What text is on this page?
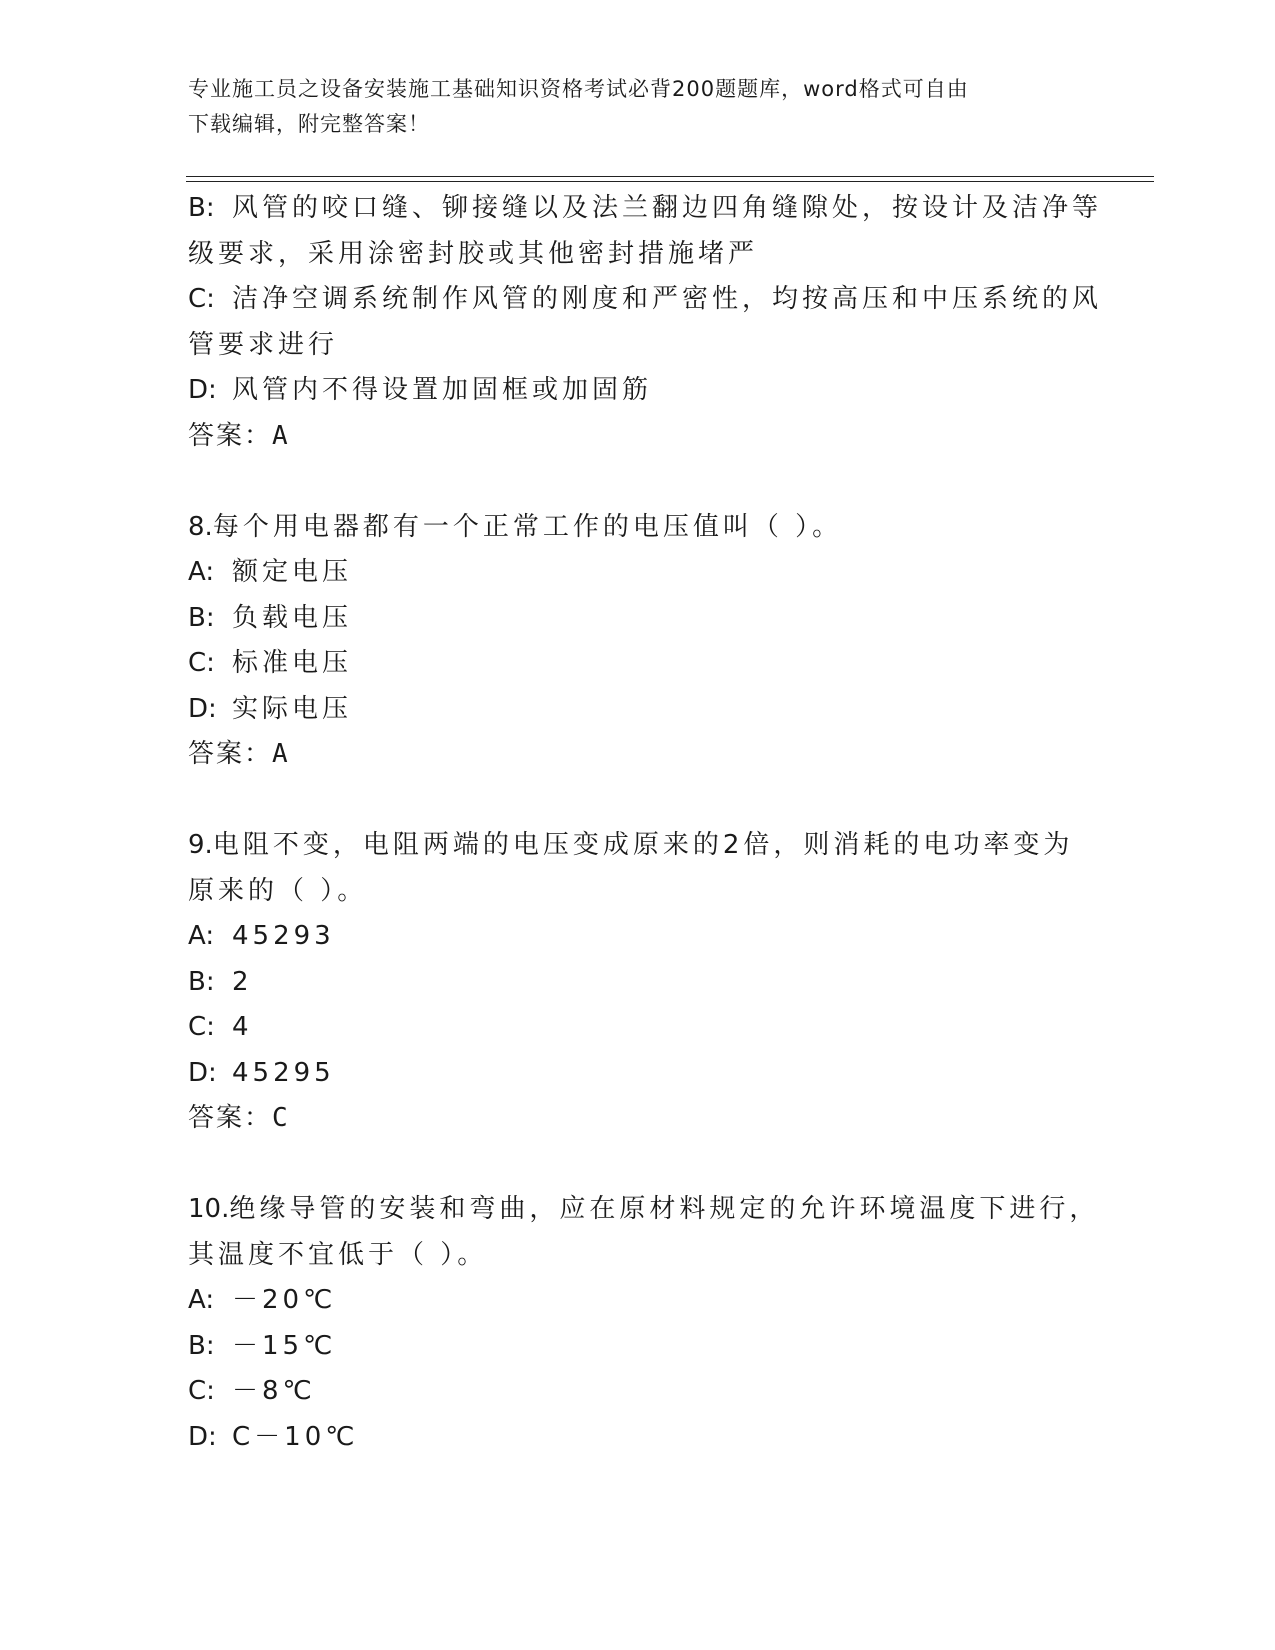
专业施工员之设备安装施工基础知识资格考试必背200题题库，word格式可自由
下载编辑，附完整答案！
B: 风管的咬口缝、铆接缝以及法兰翻边四角缝隙处，按设计及洁净等
级要求，采用涂密封胶或其他密封措施堵严
C: 洁净空调系统制作风管的刚度和严密性，均按高压和中压系统的风
管要求进行
D: 风管内不得设置加固框或加固筋
答案：A
8.每个用电器都有一个正常工作的电压值叫（ ）。
A: 额定电压
B: 负载电压
C: 标准电压
D: 实际电压
答案：A
9.电阻不变，电阻两端的电压变成原来的2倍，则消耗的电功率变为
原来的（ ）。
A: 45293
B: 2
C: 4
D: 45295
答案：C
10.绝缘导管的安装和弯曲，应在原材料规定的允许环境温度下进行，
其温度不宜低于（ ）。
A: －20℃
B: －15℃
C: －8℃
D: C－10℃
